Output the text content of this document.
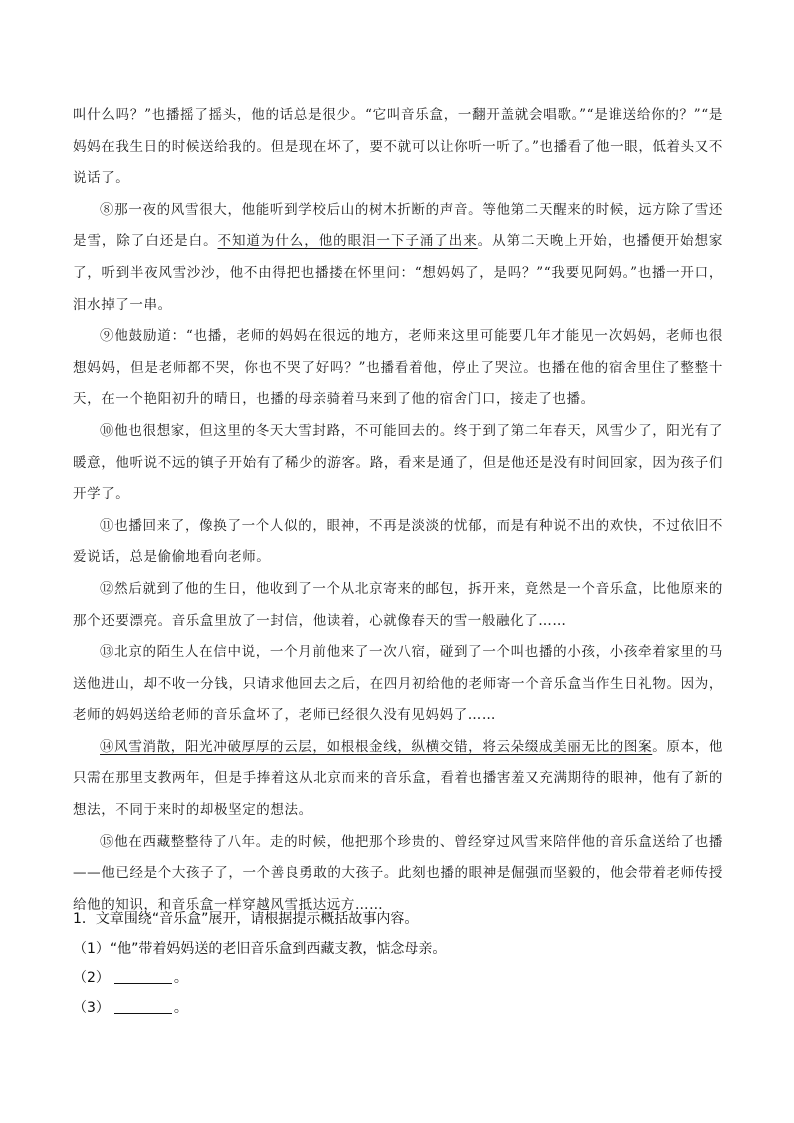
叫什么吗？”也播摇了摇头，他的话总是很少。“它叫音乐盒，一翻开盖就会唱歌。”“是谁送给你的？”“是妈妈在我生日的时候送给我的。但是现在坏了，要不就可以让你听一听了。”也播看了他一眼，低着头又不说话了。

⑧那一夜的风雪很大，他能听到学校后山的树木折断的声音。等他第二天醒来的时候，远方除了雪还是雪，除了白还是白。不知道为什么，他的眼泪一下子涌了出来。从第二天晚上开始，也播便开始想家了，听到半夜风雪沙沙，他不由得把也播搂在怀里问：“想妈妈了，是吗？”“我要见阿妈。”也播一开口，泪水掉了一串。

⑨他鼓励道：“也播，老师的妈妈在很远的地方，老师来这里可能要几年才能见一次妈妈，老师也很想妈妈，但是老师都不哭，你也不哭了好吗？”也播看着他，停止了哭泣。也播在他的宿舍里住了整整十天，在一个艳阳初升的晴日，也播的母亲骑着马来到了他的宿舍门口，接走了也播。

⑩他也很想家，但这里的冬天大雪封路，不可能回去的。终于到了第二年春天，风雪少了，阳光有了暖意，他听说不远的镇子开始有了稀少的游客。路，看来是通了，但是他还是没有时间回家，因为孩子们开学了。

⑪也播回来了，像换了一个人似的，眼神，不再是淡淡的忧郁，而是有种说不出的欢快，不过依旧不爱说话，总是偷偷地看向老师。

⑫然后就到了他的生日，他收到了一个从北京寄来的邮包，拆开来，竟然是一个音乐盒，比他原来的那个还要漂亮。音乐盒里放了一封信，他读着，心就像春天的雪一般融化了……

⑬北京的陌生人在信中说，一个月前他来了一次八宿，碰到了一个叫也播的小孩，小孩牵着家里的马送他进山，却不收一分钱，只请求他回去之后，在四月初给他的老师寄一个音乐盒当作生日礼物。因为，老师的妈妈送给老师的音乐盒坏了，老师已经很久没有见妈妈了……

⑭风雪消散，阳光冲破厚厚的云层，如根根金线，纵横交错，将云朵缀成美丽无比的图案。原本，他只需在那里支教两年，但是手捧着这从北京而来的音乐盒，看着也播害羞又充满期待的眼神，他有了新的想法，不同于来时的却极坚定的想法。

⑮他在西藏整整待了八年。走的时候，他把那个珍贵的、曾经穿过风雪来陪伴他的音乐盒送给了也播——他已经是个大孩子了，一个善良勇敢的大孩子。此刻也播的眼神是倔强而坚毅的，他会带着老师传授给他的知识，和音乐盒一样穿越风雪抵达远方……

1．文章围绕“音乐盒”展开，请根据提示概括故事内容。

（1）“他”带着妈妈送的老旧音乐盒到西藏支教，惦念母亲。

（2）	。

（3）	。
